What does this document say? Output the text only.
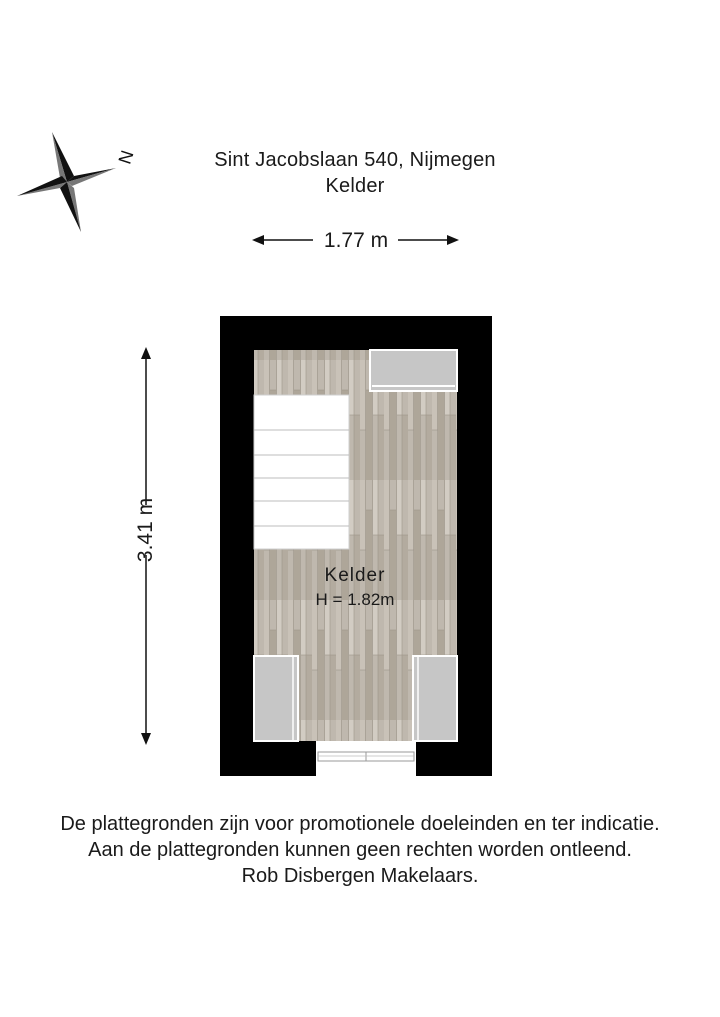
N	Sint Jacobslaan 540, Nijmegen
Kelder
1.77 m
3.41 m
Kelder
H = 1.82m
De plattegronden zijn voor promotionele doeleinden en ter indicatie.
Aan de plattegronden kunnen geen rechten worden ontleend.
Rob Disbergen Makelaars.
